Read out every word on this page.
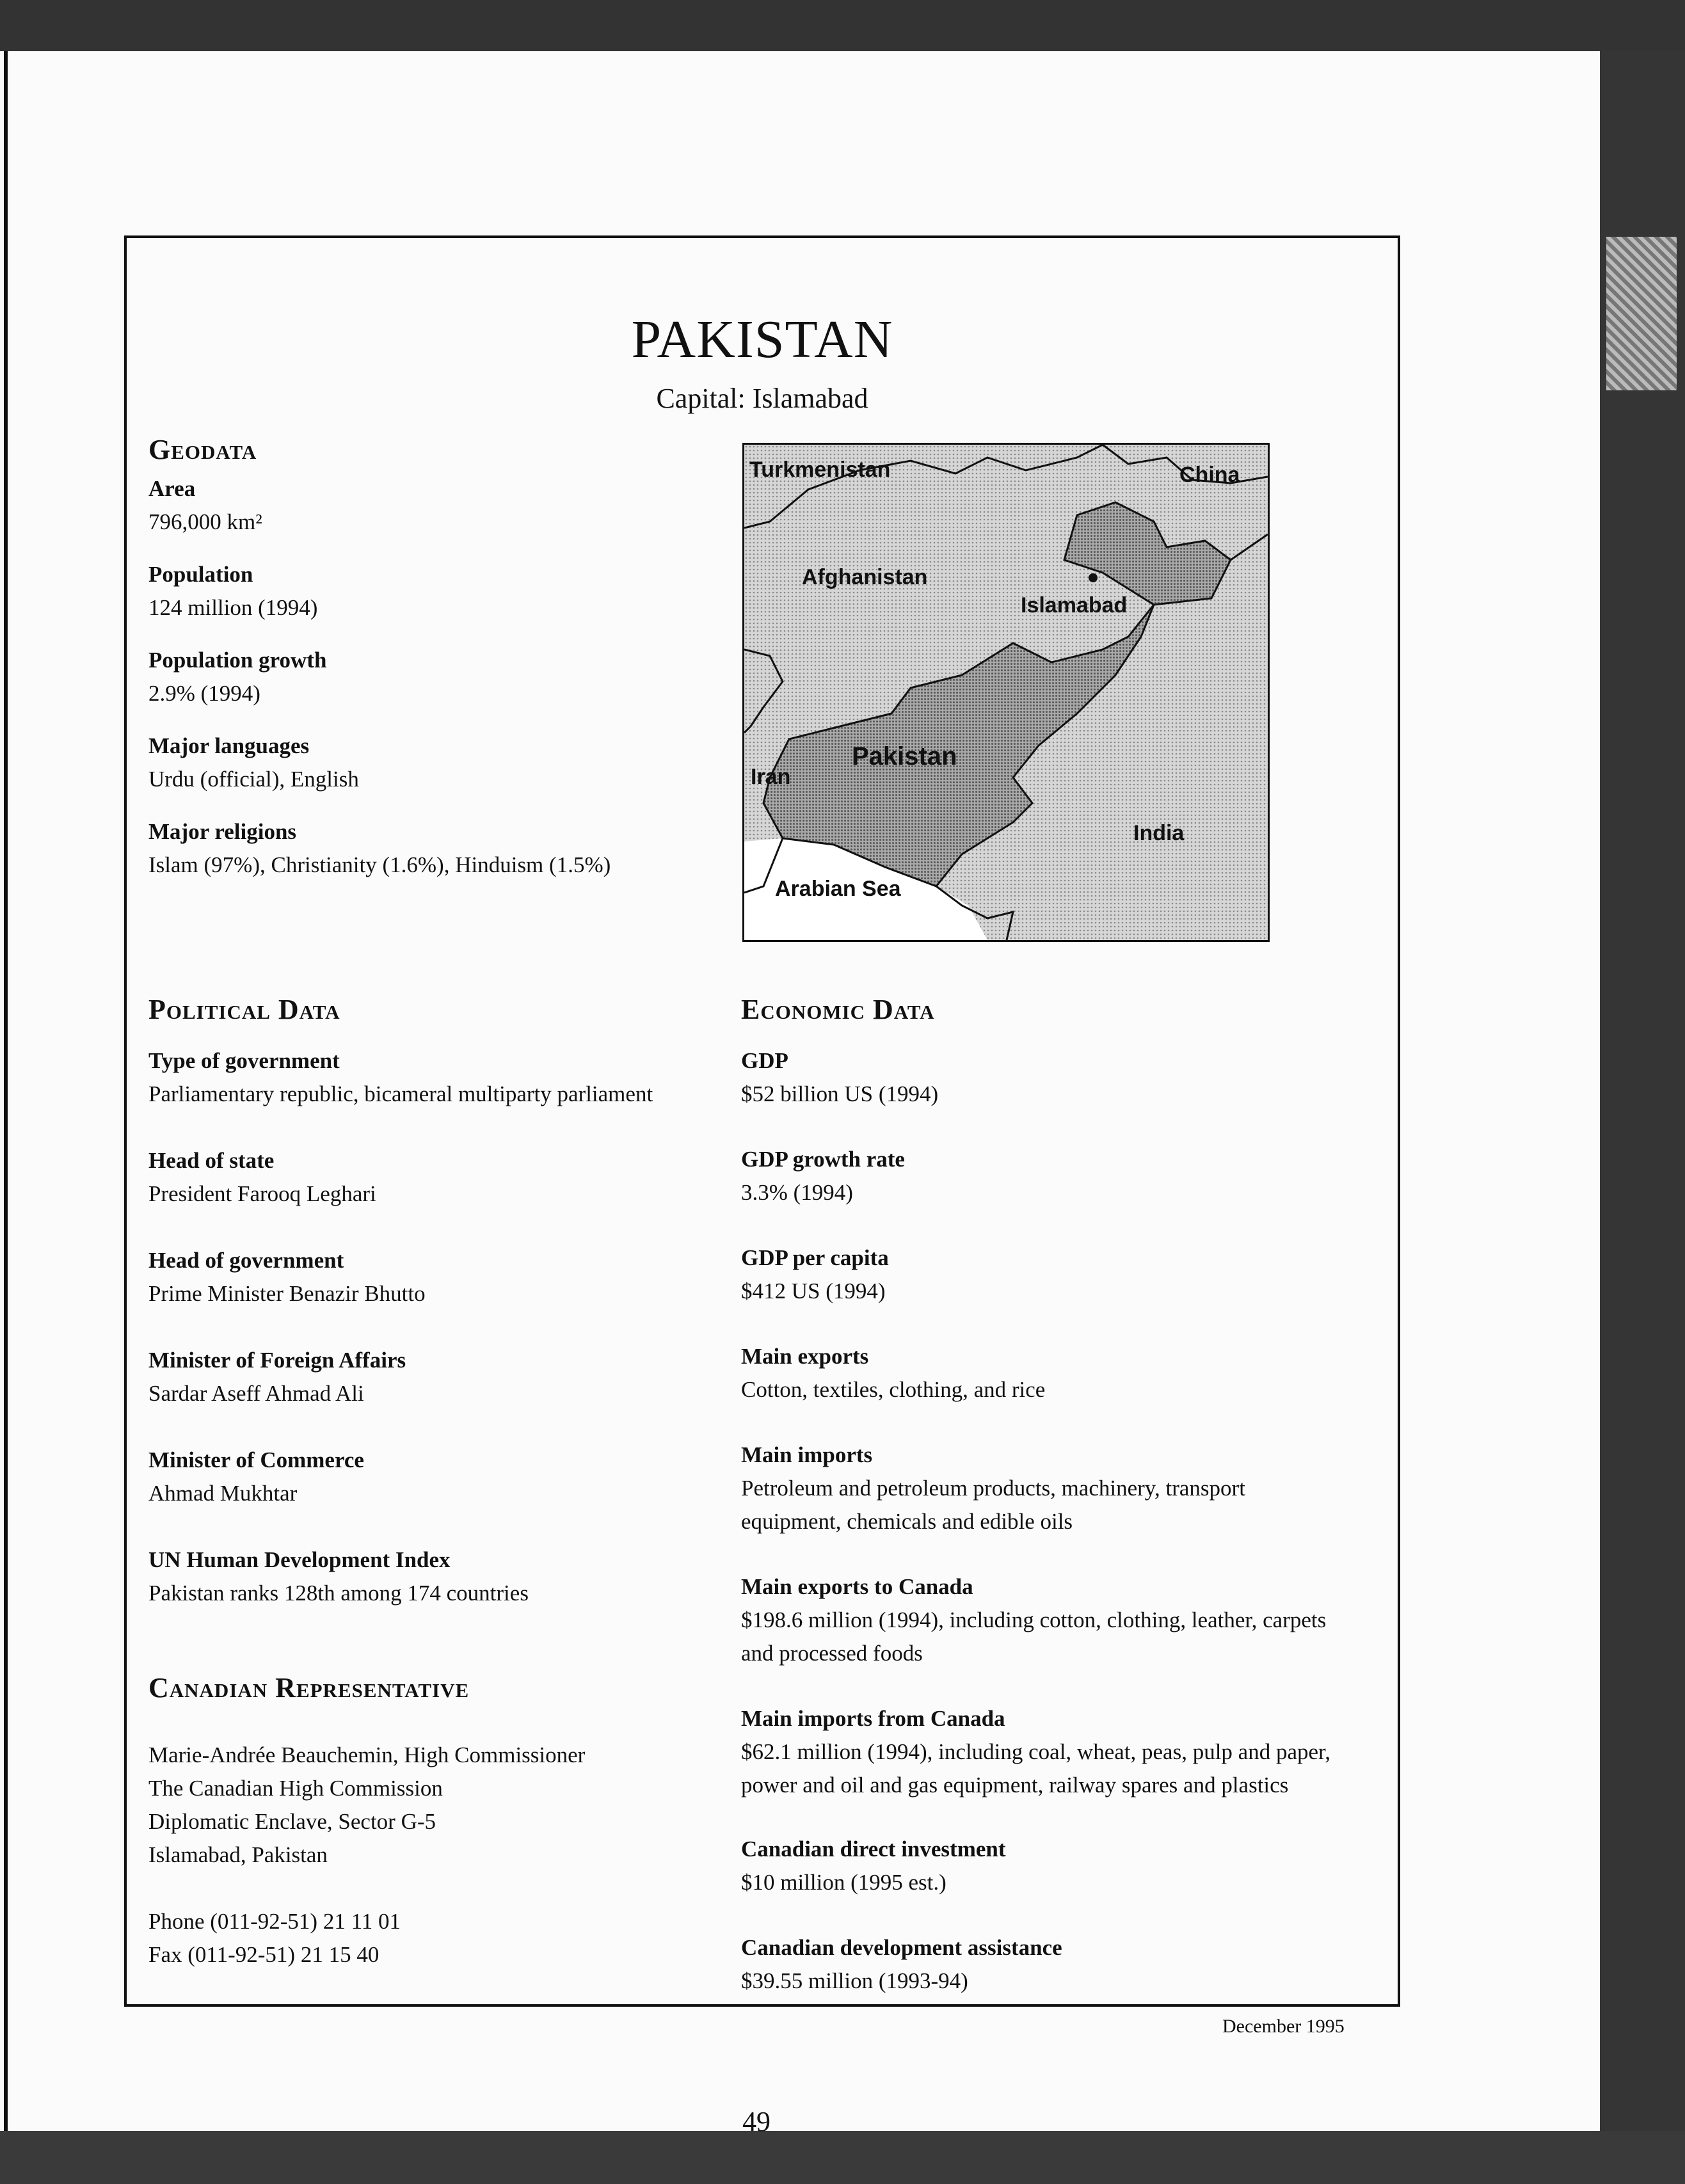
PAKISTAN
Capital: Islamabad
Geodata
Area
796,000 km²
Population
124 million (1994)
Population growth
2.9% (1994)
Major languages
Urdu (official), English
Major religions
Islam (97%), Christianity (1.6%), Hinduism (1.5%)
Turkmenistan	China
Afghanistan
Islamabad
Pakistan
Iran
India
Arabian Sea
Political Data
Type of government
Parliamentary republic, bicameral multiparty parliament
Head of state
President Farooq Leghari
Head of government
Prime Minister Benazir Bhutto
Minister of Foreign Affairs
Sardar Aseff Ahmad Ali
Minister of Commerce
Ahmad Mukhtar
UN Human Development Index
Pakistan ranks 128th among 174 countries
Canadian Representative
Marie-Andrée Beauchemin, High Commissioner
The Canadian High Commission
Diplomatic Enclave, Sector G-5
Islamabad, Pakistan
Phone (011-92-51) 21 11 01
Fax (011-92-51) 21 15 40
Economic Data
GDP
$52 billion US (1994)
GDP growth rate
3.3% (1994)
GDP per capita
$412 US (1994)
Main exports
Cotton, textiles, clothing, and rice
Main imports
Petroleum and petroleum products, machinery, transport
equipment, chemicals and edible oils
Main exports to Canada
$198.6 million (1994), including cotton, clothing, leather, carpets
and processed foods
Main imports from Canada
$62.1 million (1994), including coal, wheat, peas, pulp and paper,
power and oil and gas equipment, railway spares and plastics
Canadian direct investment
$10 million (1995 est.)
Canadian development assistance
$39.55 million (1993-94)
December 1995
49
